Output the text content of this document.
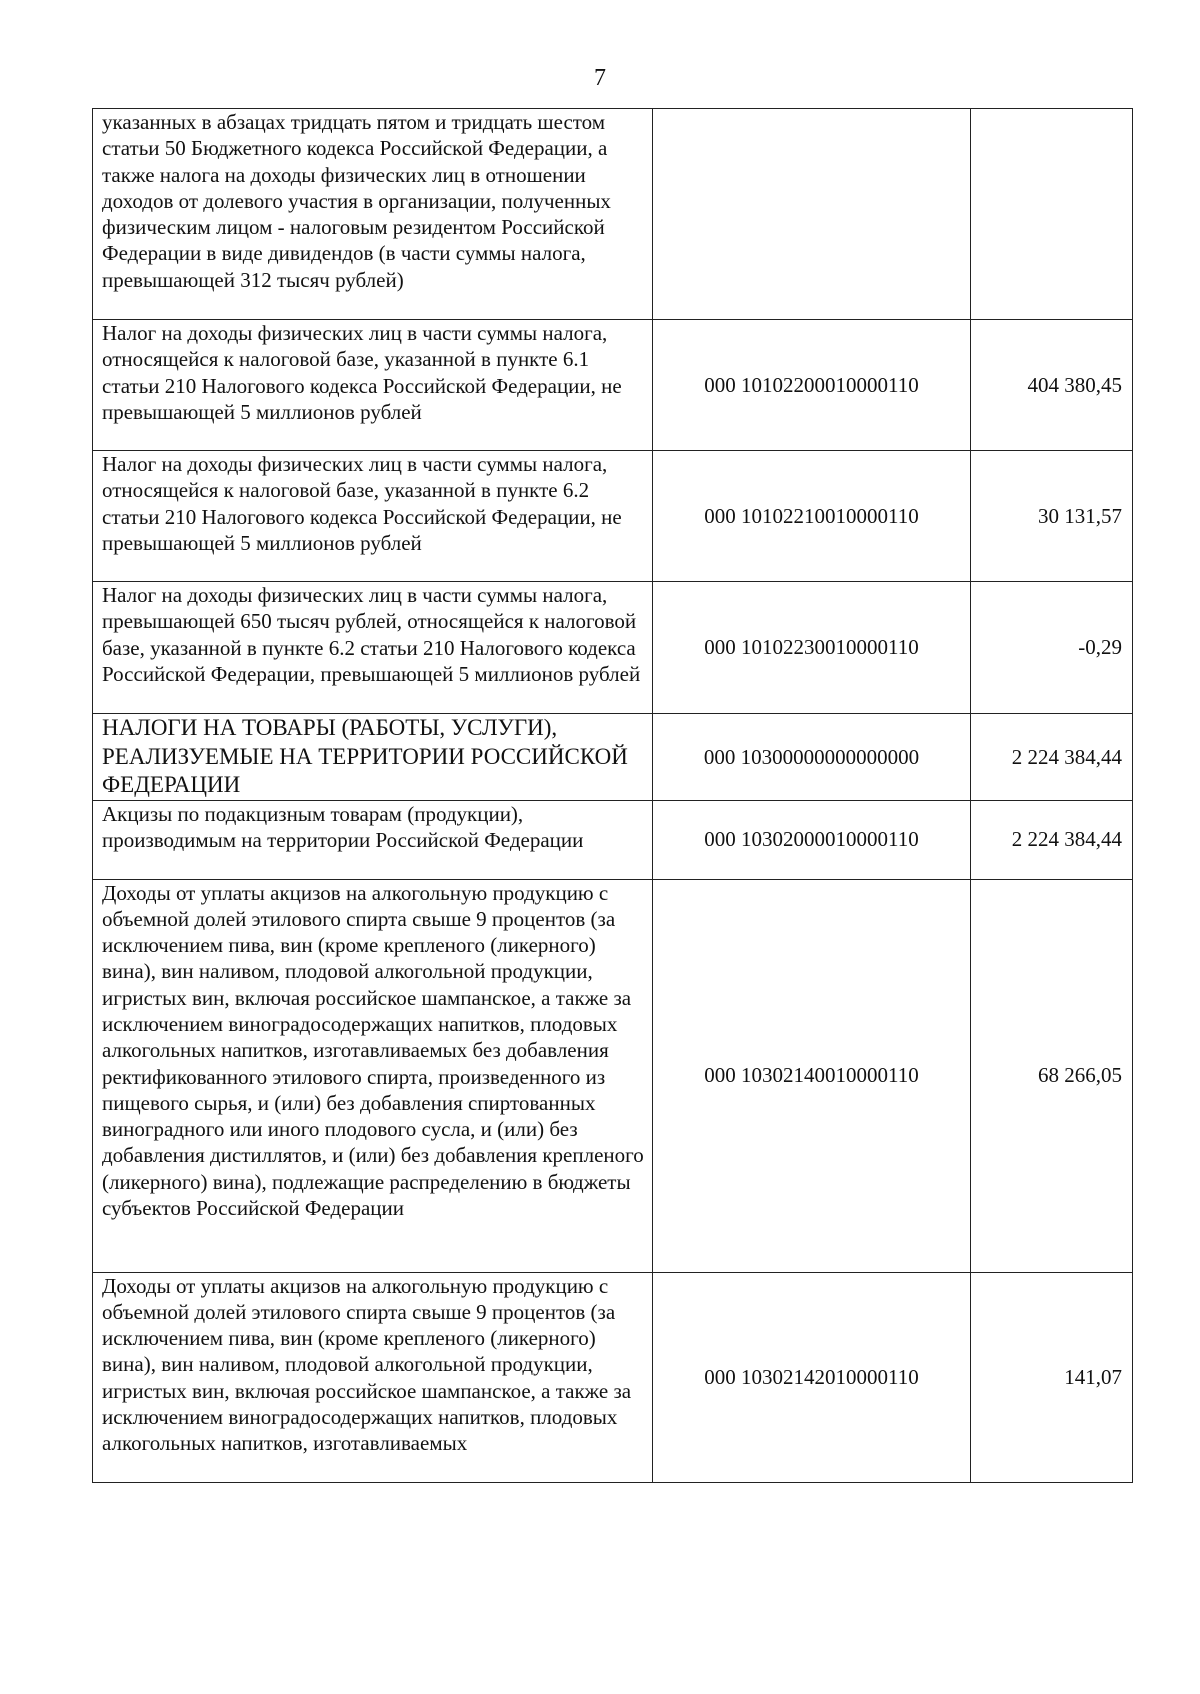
7
указанных в абзацах тридцать пятом и тридцать шестом статьи 50 Бюджетного кодекса Российской Федерации, а также налога на доходы физических лиц в отношении доходов от долевого участия в организации, полученных физическим лицом - налоговым резидентом Российской Федерации в виде дивидендов (в части суммы налога, превышающей 312 тысяч рублей)		
Налог на доходы физических лиц в части суммы налога, относящейся к налоговой базе, указанной в пункте 6.1 статьи 210 Налогового кодекса Российской Федерации, не превышающей 5 миллионов рублей	000 10102200010000110	404 380,45
Налог на доходы физических лиц в части суммы налога, относящейся к налоговой базе, указанной в пункте 6.2 статьи 210 Налогового кодекса Российской Федерации, не превышающей 5 миллионов рублей	000 10102210010000110	30 131,57
Налог на доходы физических лиц в части суммы налога, превышающей 650 тысяч рублей, относящейся к налоговой базе, указанной в пункте 6.2 статьи 210 Налогового кодекса Российской Федерации, превышающей 5 миллионов рублей	000 10102230010000110	-0,29
НАЛОГИ НА ТОВАРЫ (РАБОТЫ, УСЛУГИ), РЕАЛИЗУЕМЫЕ НА ТЕРРИТОРИИ РОССИЙСКОЙ ФЕДЕРАЦИИ	000 10300000000000000	2 224 384,44
Акцизы по подакцизным товарам (продукции), производимым на территории Российской Федерации	000 10302000010000110	2 224 384,44
Доходы от уплаты акцизов на алкогольную продукцию с объемной долей этилового спирта свыше 9 процентов (за исключением пива, вин (кроме крепленого (ликерного) вина), вин наливом, плодовой алкогольной продукции, игристых вин, включая российское шампанское, а также за исключением виноградосодержащих напитков, плодовых алкогольных напитков, изготавливаемых без добавления ректификованного этилового спирта, произведенного из пищевого сырья, и (или) без добавления спиртованных виноградного или иного плодового сусла, и (или) без добавления дистиллятов, и (или) без добавления крепленого (ликерного) вина), подлежащие распределению в бюджеты субъектов Российской Федерации	000 10302140010000110	68 266,05
Доходы от уплаты акцизов на алкогольную продукцию с объемной долей этилового спирта свыше 9 процентов (за исключением пива, вин (кроме крепленого (ликерного) вина), вин наливом, плодовой алкогольной продукции, игристых вин, включая российское шампанское, а также за исключением виноградосодержащих напитков, плодовых алкогольных напитков, изготавливаемых	000 10302142010000110	141,07
